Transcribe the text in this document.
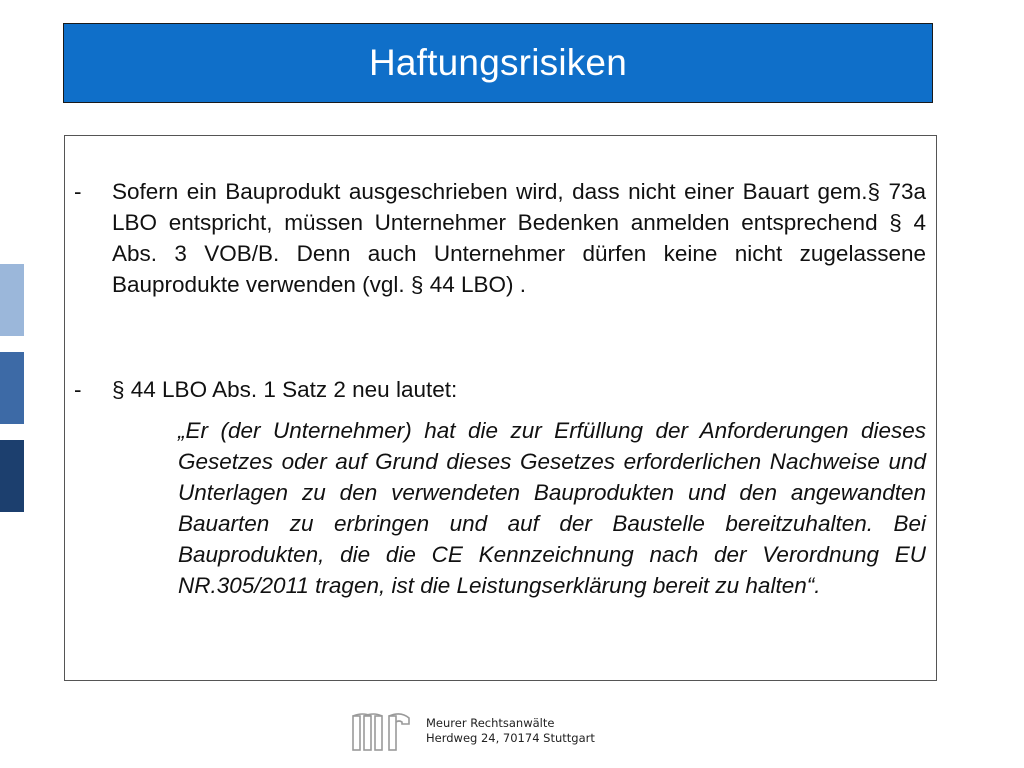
Haftungsrisiken
- Sofern ein Bauprodukt ausgeschrieben wird, dass nicht einer Bauart gem.§ 73a LBO entspricht, müssen Unternehmer Bedenken anmelden entsprechend § 4 Abs. 3 VOB/B. Denn auch Unternehmer dürfen keine nicht zugelassene Bauprodukte verwenden (vgl. § 44 LBO) .
- § 44 LBO Abs. 1 Satz 2 neu lautet:
„Er (der Unternehmer) hat die zur Erfüllung der Anforderungen dieses Gesetzes oder auf Grund dieses Gesetzes erforderlichen Nachweise und Unterlagen zu den verwendeten Bauprodukten und den angewandten Bauarten zu erbringen und auf der Baustelle bereitzuhalten. Bei Bauprodukten, die die CE Kennzeichnung nach der Verordnung EU NR.305/2011 tragen, ist die Leistungserklärung bereit zu halten“.
Meurer Rechtsanwälte
Herdweg 24, 70174 Stuttgart
